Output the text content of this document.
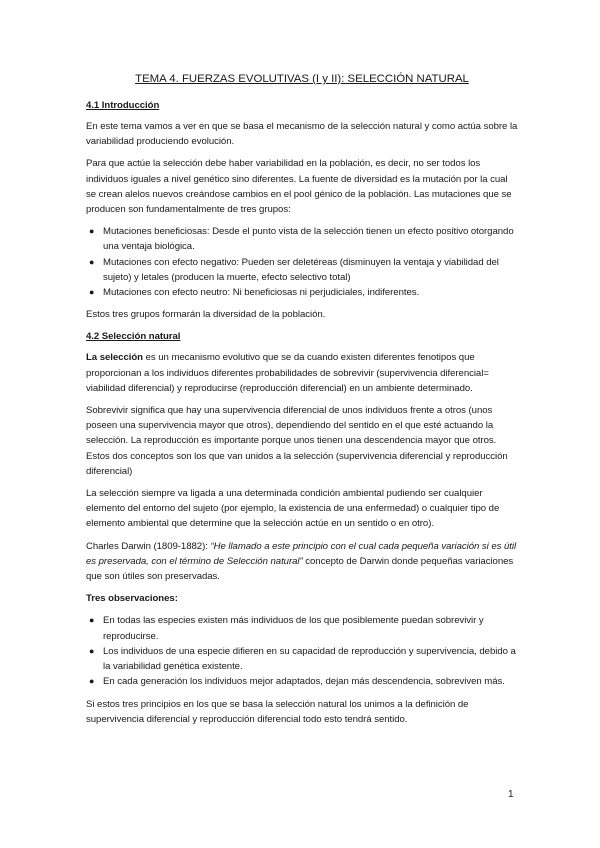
TEMA 4. FUERZAS EVOLUTIVAS (I y II): SELECCIÓN NATURAL
4.1 Introducción

En este tema vamos a ver en que se basa el mecanismo de la selección natural y como actúa sobre la variabilidad produciendo evolución.

Para que actúe la selección debe haber variabilidad en la población, es decir, no ser todos los individuos iguales a nivel genético sino diferentes. La fuente de diversidad es la mutación por la cual se crean alelos nuevos creándose cambios en el pool génico de la población. Las mutaciones que se producen son fundamentalmente de tres grupos:

● Mutaciones beneficiosas: Desde el punto vista de la selección tienen un efecto positivo otorgando una ventaja biológica.
● Mutaciones con efecto negativo: Pueden ser deletéreas (disminuyen la ventaja y viabilidad del sujeto) y letales (producen la muerte, efecto selectivo total)
● Mutaciones con efecto neutro: Ni beneficiosas ni perjudiciales, indiferentes.

Estos tres grupos formarán la diversidad de la población.

4.2 Selección natural

La selección es un mecanismo evolutivo que se da cuando existen diferentes fenotipos que proporcionan a los individuos diferentes probabilidades de sobrevivir (supervivencia diferencial= viabilidad diferencial) y reproducirse (reproducción diferencial) en un ambiente determinado.

Sobrevivir significa que hay una supervivencia diferencial de unos individuos frente a otros (unos poseen una supervivencia mayor que otros), dependiendo del sentido en el que esté actuando la selección. La reproducción es importante porque unos tienen una descendencia mayor que otros. Estos dos conceptos son los que van unidos a la selección (supervivencia diferencial y reproducción diferencial)

La selección siempre va ligada a una determinada condición ambiental pudiendo ser cualquier elemento del entorno del sujeto (por ejemplo, la existencia de una enfermedad) o cualquier tipo de elemento ambiental que determine que la selección actúe en un sentido o en otro).

Charles Darwin (1809-1882): “He llamado a este principio con el cual cada pequeña variación si es útil es preservada, con el término de Selección natural” concepto de Darwin donde pequeñas variaciones que son útiles son preservadas.

Tres observaciones:

● En todas las especies existen más individuos de los que posiblemente puedan sobrevivir y reproducirse.
● Los individuos de una especie difieren en su capacidad de reproducción y supervivencia, debido a la variabilidad genética existente.
● En cada generación los individuos mejor adaptados, dejan más descendencia, sobreviven más.

Si estos tres principios en los que se basa la selección natural los unimos a la definición de supervivencia diferencial y reproducción diferencial todo esto tendrá sentido.

1
